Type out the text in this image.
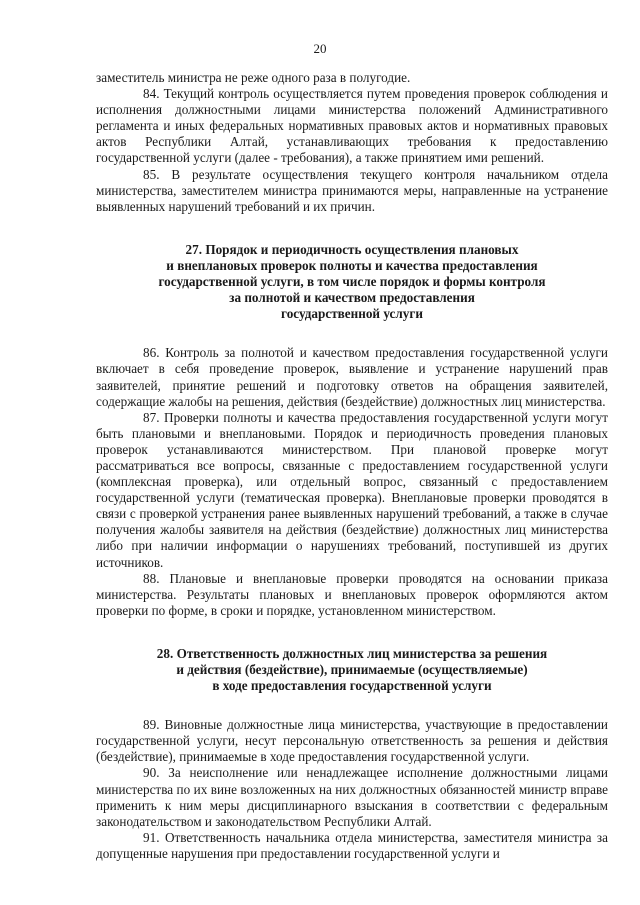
20

заместитель министра не реже одного раза в полугодие.

84. Текущий контроль осуществляется путем проведения проверок соблюдения и исполнения должностными лицами министерства положений Административного регламента и иных федеральных нормативных правовых актов и нормативных правовых актов Республики Алтай, устанавливающих требования к предоставлению государственной услуги (далее - требования), а также принятием ими решений.

85. В результате осуществления текущего контроля начальником отдела министерства, заместителем министра принимаются меры, направленные на устранение выявленных нарушений требований и их причин.

27. Порядок и периодичность осуществления плановых
и внеплановых проверок полноты и качества предоставления
государственной услуги, в том числе порядок и формы контроля
за полнотой и качеством предоставления
государственной услуги

86. Контроль за полнотой и качеством предоставления государственной услуги включает в себя проведение проверок, выявление и устранение нарушений прав заявителей, принятие решений и подготовку ответов на обращения заявителей, содержащие жалобы на решения, действия (бездействие) должностных лиц министерства.

87. Проверки полноты и качества предоставления государственной услуги могут быть плановыми и внеплановыми. Порядок и периодичность проведения плановых проверок устанавливаются министерством. При плановой проверке могут рассматриваться все вопросы, связанные с предоставлением государственной услуги (комплексная проверка), или отдельный вопрос, связанный с предоставлением государственной услуги (тематическая проверка). Внеплановые проверки проводятся в связи с проверкой устранения ранее выявленных нарушений требований, а также в случае получения жалобы заявителя на действия (бездействие) должностных лиц министерства либо при наличии информации о нарушениях требований, поступившей из других источников.

88. Плановые и внеплановые проверки проводятся на основании приказа министерства. Результаты плановых и внеплановых проверок оформляются актом проверки по форме, в сроки и порядке, установленном министерством.

28. Ответственность должностных лиц министерства за решения
и действия (бездействие), принимаемые (осуществляемые)
в ходе предоставления государственной услуги

89. Виновные должностные лица министерства, участвующие в предоставлении государственной услуги, несут персональную ответственность за решения и действия (бездействие), принимаемые в ходе предоставления государственной услуги.

90. За неисполнение или ненадлежащее исполнение должностными лицами министерства по их вине возложенных на них должностных обязанностей министр вправе применить к ним меры дисциплинарного взыскания в соответствии с федеральным законодательством и законодательством Республики Алтай.

91. Ответственность начальника отдела министерства, заместителя министра за допущенные нарушения при предоставлении государственной услуги и
